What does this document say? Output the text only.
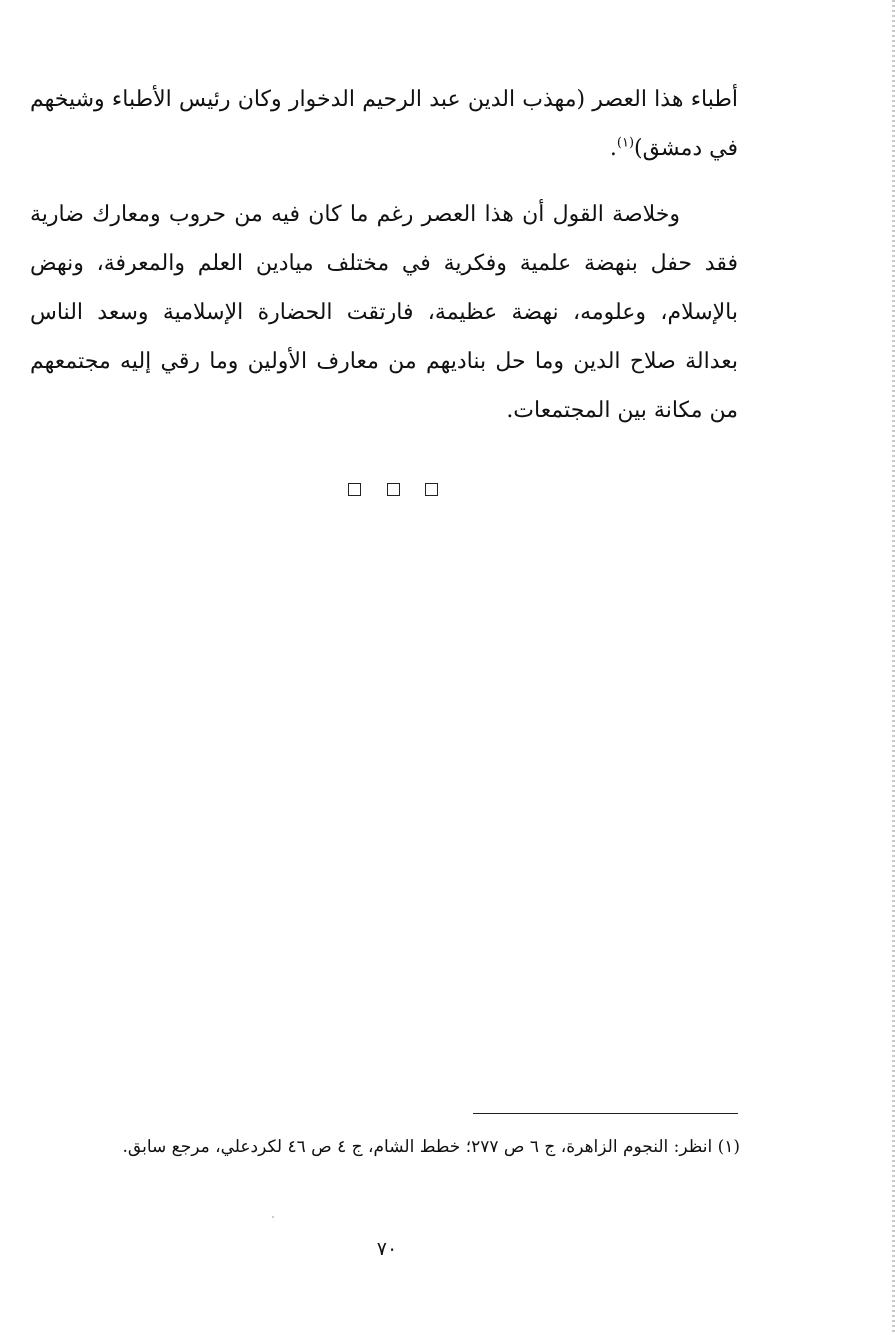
أطباء هذا العصر (مهذب الدين عبد الرحيم الدخوار وكان رئيس الأطباء وشيخهم في دمشق)$^{(١)}$.

وخلاصة القول أن هذا العصر رغم ما كان فيه من حروب ومعارك ضارية فقد حفل بنهضة علمية وفكرية في مختلف ميادين العلم والمعرفة، ونهض بالإسلام، وعلومه، نهضة عظيمة، فارتقت الحضارة الإسلامية وسعد الناس بعدالة صلاح الدين وما حل بناديهم من معارف الأولين وما رقي إليه مجتمعهم من مكانة بين المجتمعات.

(١) انظر: النجوم الزاهرة، ج ٦ ص ٢٧٧؛ خطط الشام، ج ٤ ص ٤٦ لكردعلي، مرجع سابق.

٧٠
